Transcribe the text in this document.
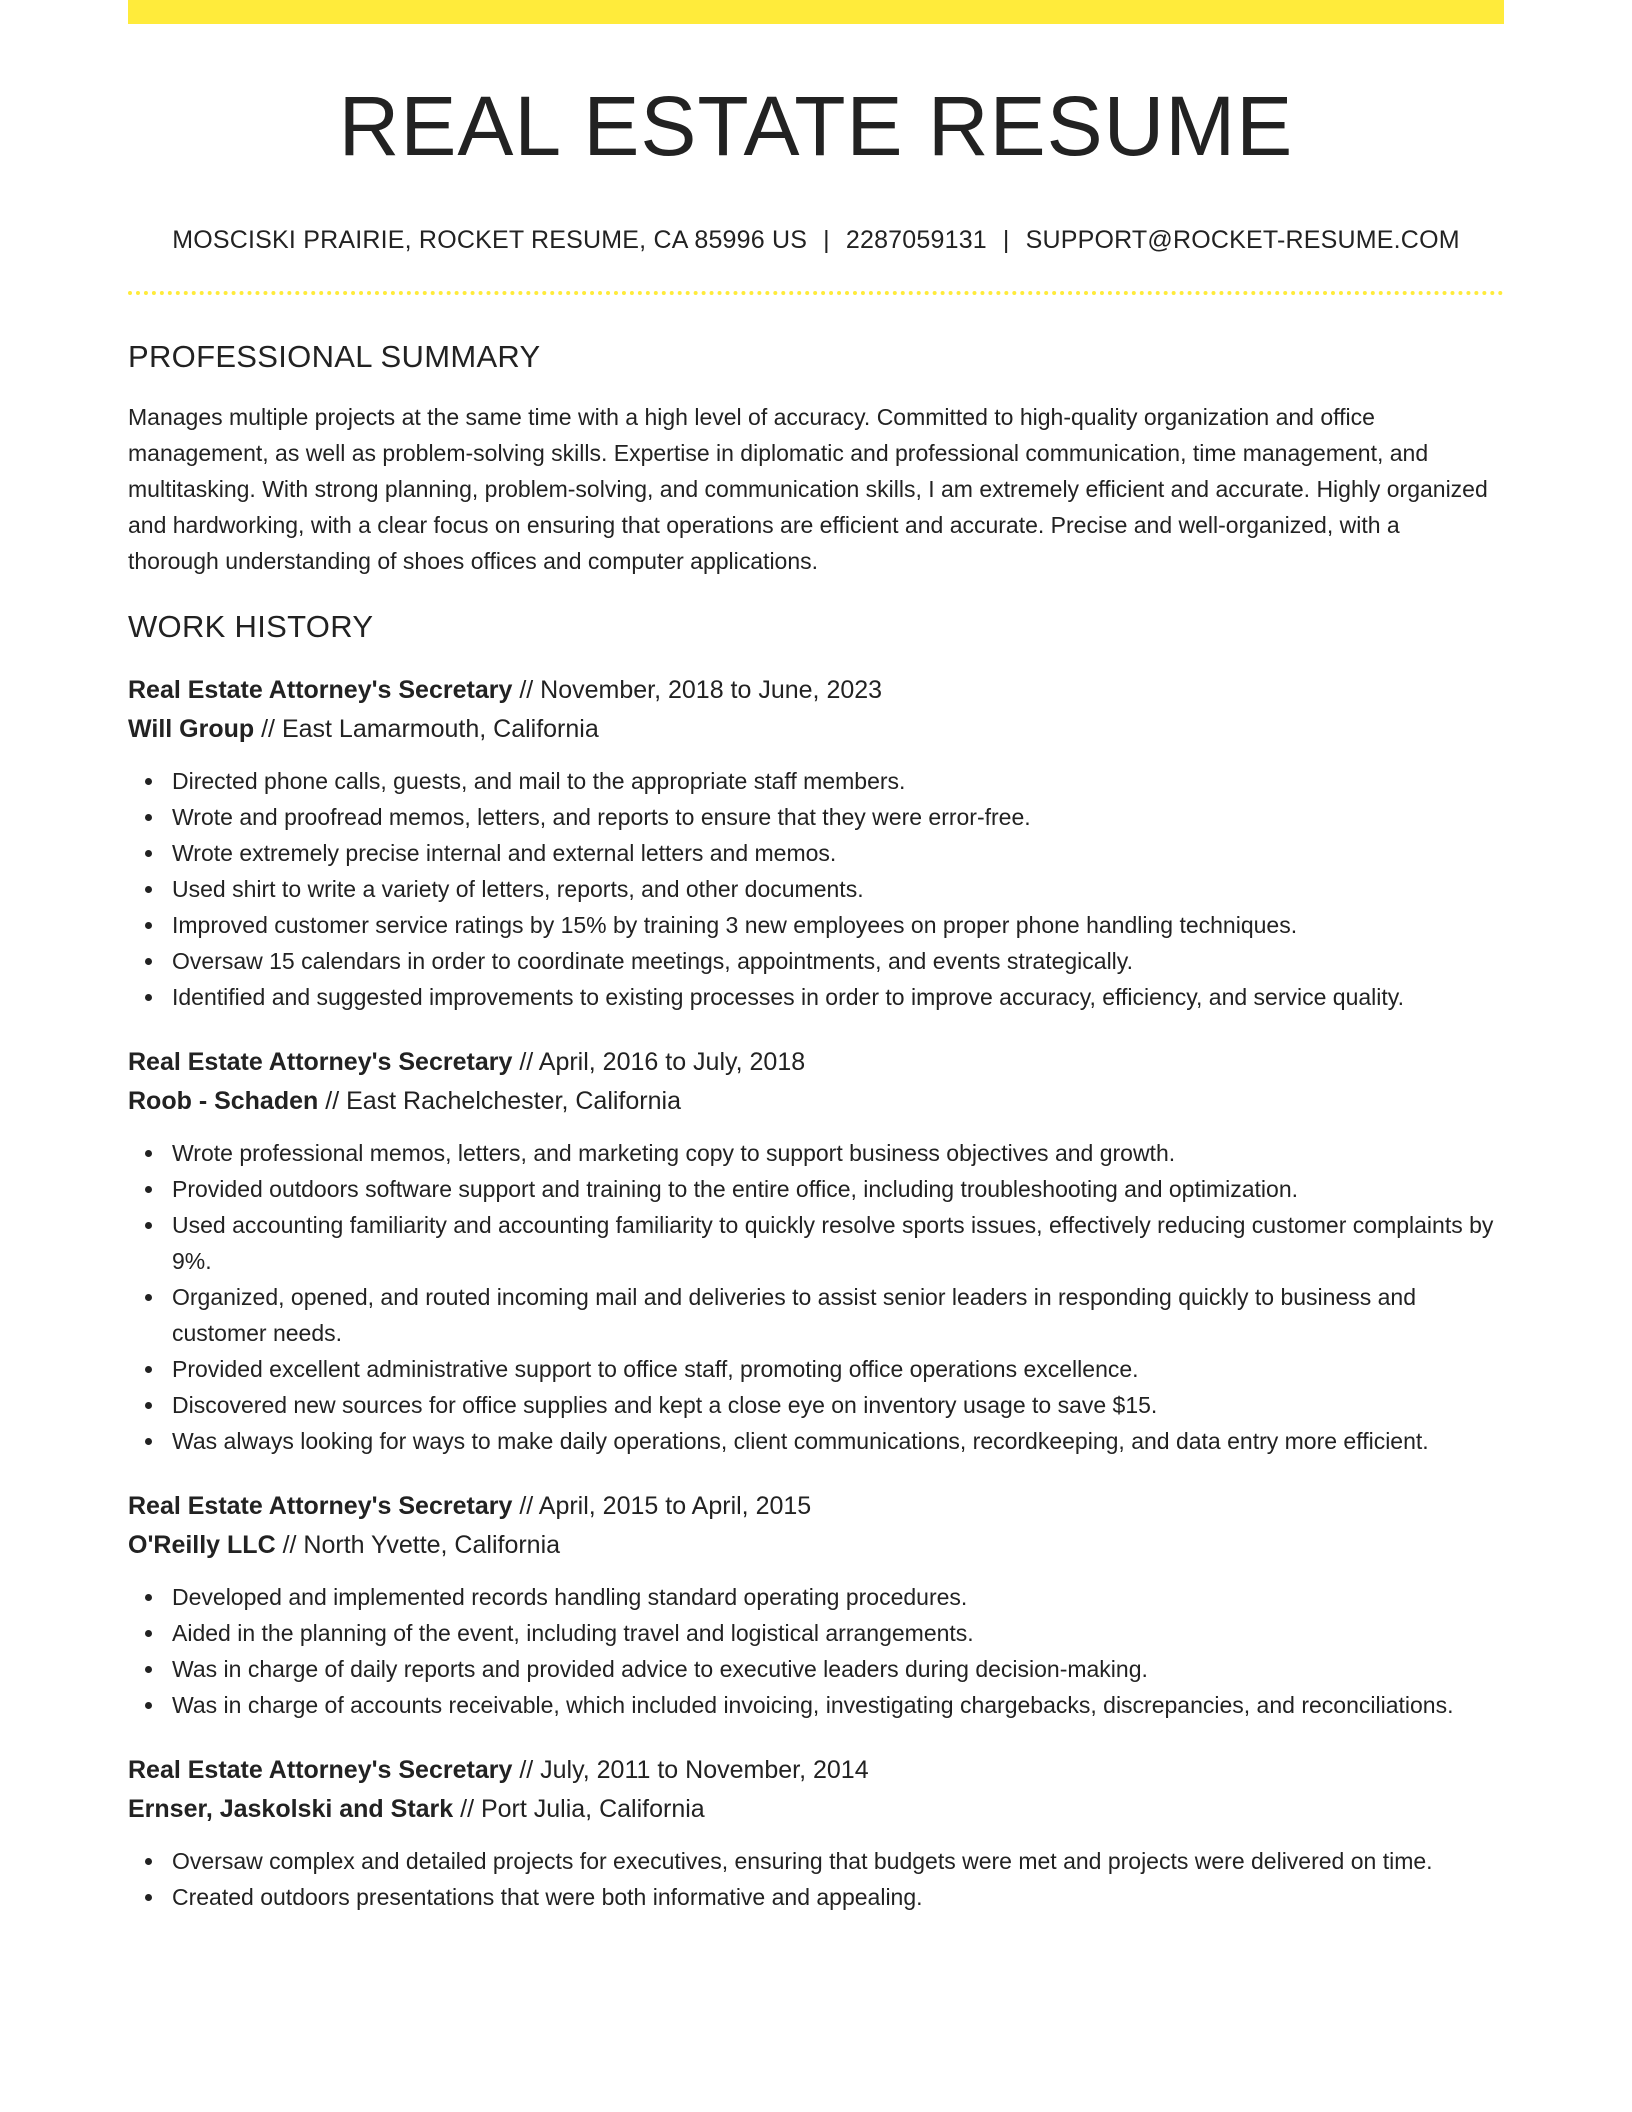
REAL ESTATE RESUME
MOSCISKI PRAIRIE, ROCKET RESUME, CA 85996 US | 2287059131 | SUPPORT@ROCKET-RESUME.COM
PROFESSIONAL SUMMARY

Manages multiple projects at the same time with a high level of accuracy. Committed to high-quality organization and office management, as well as problem-solving skills. Expertise in diplomatic and professional communication, time management, and multitasking. With strong planning, problem-solving, and communication skills, I am extremely efficient and accurate. Highly organized and hardworking, with a clear focus on ensuring that operations are efficient and accurate. Precise and well-organized, with a thorough understanding of shoes offices and computer applications.

WORK HISTORY
Real Estate Attorney's Secretary // November, 2018 to June, 2023
Will Group // East Lamarmouth, California
Directed phone calls, guests, and mail to the appropriate staff members.
Wrote and proofread memos, letters, and reports to ensure that they were error-free.
Wrote extremely precise internal and external letters and memos.
Used shirt to write a variety of letters, reports, and other documents.
Improved customer service ratings by 15% by training 3 new employees on proper phone handling techniques.
Oversaw 15 calendars in order to coordinate meetings, appointments, and events strategically.
Identified and suggested improvements to existing processes in order to improve accuracy, efficiency, and service quality.
Real Estate Attorney's Secretary // April, 2016 to July, 2018
Roob - Schaden // East Rachelchester, California
Wrote professional memos, letters, and marketing copy to support business objectives and growth.
Provided outdoors software support and training to the entire office, including troubleshooting and optimization.
Used accounting familiarity and accounting familiarity to quickly resolve sports issues, effectively reducing customer complaints by 9%.
Organized, opened, and routed incoming mail and deliveries to assist senior leaders in responding quickly to business and customer needs.
Provided excellent administrative support to office staff, promoting office operations excellence.
Discovered new sources for office supplies and kept a close eye on inventory usage to save $15.
Was always looking for ways to make daily operations, client communications, recordkeeping, and data entry more efficient.
Real Estate Attorney's Secretary // April, 2015 to April, 2015
O'Reilly LLC // North Yvette, California
Developed and implemented records handling standard operating procedures.
Aided in the planning of the event, including travel and logistical arrangements.
Was in charge of daily reports and provided advice to executive leaders during decision-making.
Was in charge of accounts receivable, which included invoicing, investigating chargebacks, discrepancies, and reconciliations.
Real Estate Attorney's Secretary // July, 2011 to November, 2014
Ernser, Jaskolski and Stark // Port Julia, California
Oversaw complex and detailed projects for executives, ensuring that budgets were met and projects were delivered on time.
Created outdoors presentations that were both informative and appealing.
